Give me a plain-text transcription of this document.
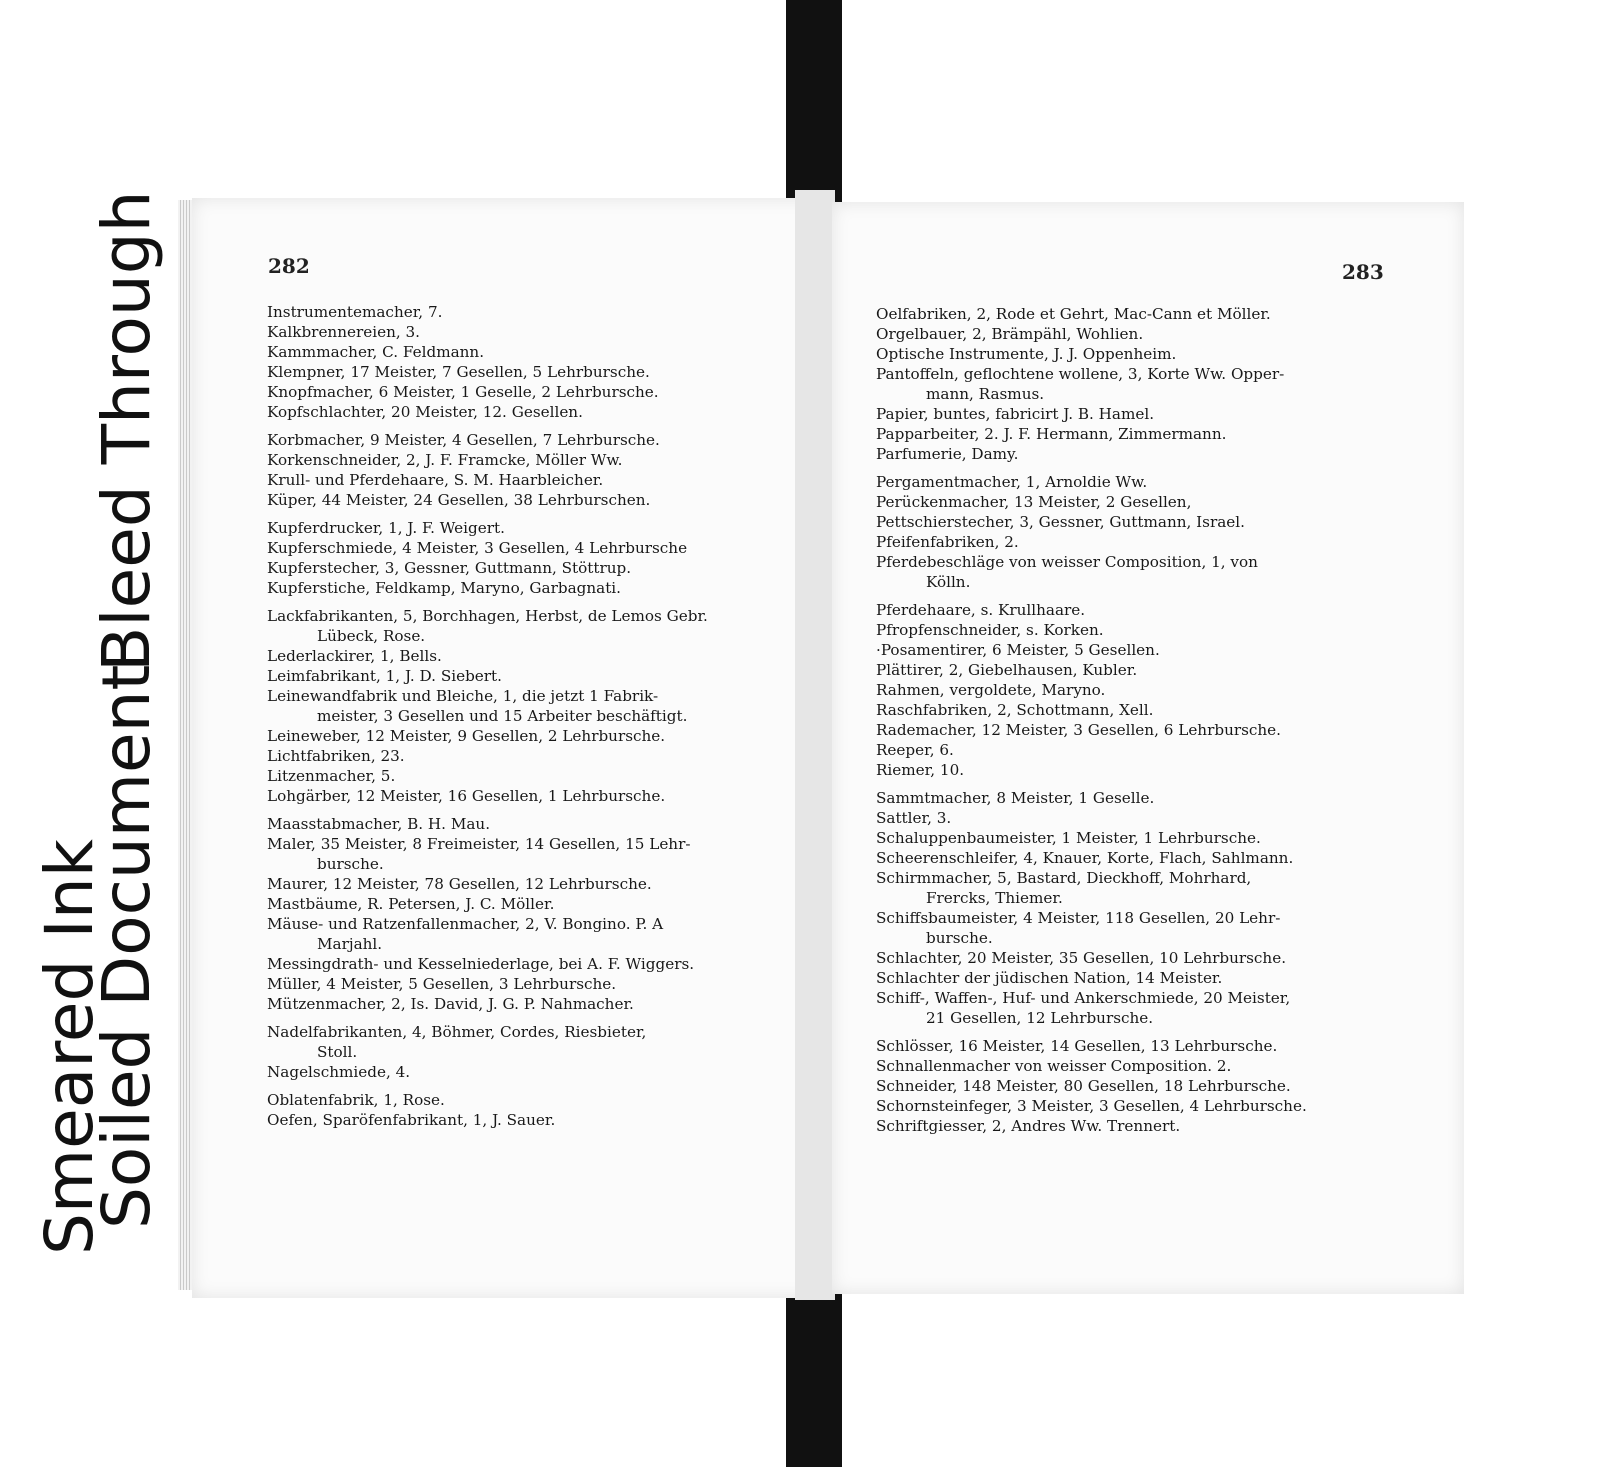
Smeared Ink
Bleed Through
Soiled Document
282
Instrumentemacher, 7.
Kalkbrennereien, 3.
Kammmacher, C. Feldmann.
Klempner, 17 Meister, 7 Gesellen, 5 Lehrbursche.
Knopfmacher, 6 Meister, 1 Geselle, 2 Lehrbursche.
Kopfschlachter, 20 Meister, 12. Gesellen.
Korbmacher, 9 Meister, 4 Gesellen, 7 Lehrbursche.
Korkenschneider, 2, J. F. Framcke, Möller Ww.
Krull- und Pferdehaare, S. M. Haarbleicher.
Küper, 44 Meister, 24 Gesellen, 38 Lehrburschen.
Kupferdrucker, 1, J. F. Weigert.
Kupferschmiede, 4 Meister, 3 Gesellen, 4 Lehrbursche
Kupferstecher, 3, Gessner, Guttmann, Stöttrup.
Kupferstiche, Feldkamp, Maryno, Garbagnati.
Lackfabrikanten, 5, Borchhagen, Herbst, de Lemos Gebr.
Lübeck, Rose.
Lederlackirer, 1, Bells.
Leimfabrikant, 1, J. D. Siebert.
Leinewandfabrik und Bleiche, 1, die jetzt 1 Fabrik-
meister, 3 Gesellen und 15 Arbeiter beschäftigt.
Leineweber, 12 Meister, 9 Gesellen, 2 Lehrbursche.
Lichtfabriken, 23.
Litzenmacher, 5.
Lohgärber, 12 Meister, 16 Gesellen, 1 Lehrbursche.
Maasstabmacher, B. H. Mau.
Maler, 35 Meister, 8 Freimeister, 14 Gesellen, 15 Lehr-
bursche.
Maurer, 12 Meister, 78 Gesellen, 12 Lehrbursche.
Mastbäume, R. Petersen, J. C. Möller.
Mäuse- und Ratzenfallenmacher, 2, V. Bongino. P. A
Marjahl.
Messingdrath- und Kesselniederlage, bei A. F. Wiggers.
Müller, 4 Meister, 5 Gesellen, 3 Lehrbursche.
Mützenmacher, 2, Is. David, J. G. P. Nahmacher.
Nadelfabrikanten, 4, Böhmer, Cordes, Riesbieter,
Stoll.
Nagelschmiede, 4.
Oblatenfabrik, 1, Rose.
Oefen, Sparöfenfabrikant, 1, J. Sauer.
283
Oelfabriken, 2, Rode et Gehrt, Mac-Cann et Möller.
Orgelbauer, 2, Brämpähl, Wohlien.
Optische Instrumente, J. J. Oppenheim.
Pantoffeln, geflochtene wollene, 3, Korte Ww. Opper-
mann, Rasmus.
Papier, buntes, fabricirt J. B. Hamel.
Papparbeiter, 2. J. F. Hermann, Zimmermann.
Parfumerie, Damy.
Pergamentmacher, 1, Arnoldie Ww.
Perückenmacher, 13 Meister, 2 Gesellen,
Pettschierstecher, 3, Gessner, Guttmann, Israel.
Pfeifenfabriken, 2.
Pferdebeschläge von weisser Composition, 1, von
Kölln.
Pferdehaare, s. Krullhaare.
Pfropfenschneider, s. Korken.
·Posamentirer, 6 Meister, 5 Gesellen.
Plättirer, 2, Giebelhausen, Kubler.
Rahmen, vergoldete, Maryno.
Raschfabriken, 2, Schottmann, Xell.
Rademacher, 12 Meister, 3 Gesellen, 6 Lehrbursche.
Reeper, 6.
Riemer, 10.
Sammtmacher, 8 Meister, 1 Geselle.
Sattler, 3.
Schaluppenbaumeister, 1 Meister, 1 Lehrbursche.
Scheerenschleifer, 4, Knauer, Korte, Flach, Sahlmann.
Schirmmacher, 5, Bastard, Dieckhoff, Mohrhard,
Frercks, Thiemer.
Schiffsbaumeister, 4 Meister, 118 Gesellen, 20 Lehr-
bursche.
Schlachter, 20 Meister, 35 Gesellen, 10 Lehrbursche.
Schlachter der jüdischen Nation, 14 Meister.
Schiff-, Waffen-, Huf- und Ankerschmiede, 20 Meister,
21 Gesellen, 12 Lehrbursche.
Schlösser, 16 Meister, 14 Gesellen, 13 Lehrbursche.
Schnallenmacher von weisser Composition. 2.
Schneider, 148 Meister, 80 Gesellen, 18 Lehrbursche.
Schornsteinfeger, 3 Meister, 3 Gesellen, 4 Lehrbursche.
Schriftgiesser, 2, Andres Ww. Trennert.
